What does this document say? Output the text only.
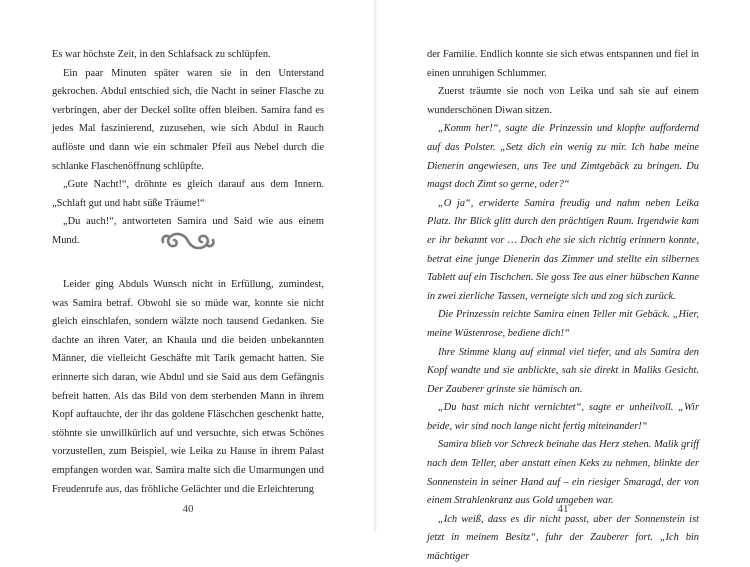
Es war höchste Zeit, in den Schlafsack zu schlüpfen.

Ein paar Minuten später waren sie in den Unterstand gekrochen. Abdul entschied sich, die Nacht in seiner Flasche zu verbringen, aber der Deckel sollte offen bleiben. Samira fand es jedes Mal faszinierend, zuzusehen, wie sich Abdul in Rauch auflöste und dann wie ein schmaler Pfeil aus Nebel durch die schlanke Flaschenöffnung schlüpfte.

„Gute Nacht!“, dröhnte es gleich darauf aus dem Innern. „Schlaft gut und habt süße Träume!“

„Du auch!“, antworteten Samira und Said wie aus einem Mund.

Leider ging Abduls Wunsch nicht in Erfüllung, zumindest, was Samira betraf. Obwohl sie so müde war, konnte sie nicht gleich einschlafen, sondern wälzte noch tausend Gedanken. Sie dachte an ihren Vater, an Khaula und die beiden unbekannten Männer, die vielleicht Geschäfte mit Tarik gemacht hatten. Sie erinnerte sich daran, wie Abdul und sie Said aus dem Gefängnis befreit hatten. Als das Bild von dem sterbenden Mann in ihrem Kopf auftauchte, der ihr das goldene Fläschchen geschenkt hatte, stöhnte sie unwillkürlich auf und versuchte, sich etwas Schönes vorzustellen, zum Beispiel, wie Leika zu Hause in ihrem Palast empfangen worden war. Samira malte sich die Umarmungen und Freudenrufe aus, das fröhliche Gelächter und die Erleichterung

40

der Familie. Endlich konnte sie sich etwas entspannen und fiel in einen unruhigen Schlummer.

Zuerst träumte sie noch von Leika und sah sie auf einem wunderschönen Diwan sitzen.

„Komm her!“, sagte die Prinzessin und klopfte auffordernd auf das Polster. „Setz dich ein wenig zu mir. Ich habe meine Dienerin angewiesen, uns Tee und Zimtgebäck zu bringen. Du magst doch Zimt so gerne, oder?“

„O ja“, erwiderte Samira freudig und nahm neben Leika Platz. Ihr Blick glitt durch den prächtigen Raum. Irgendwie kam er ihr bekannt vor … Doch ehe sie sich richtig erinnern konnte, betrat eine junge Dienerin das Zimmer und stellte ein silbernes Tablett auf ein Tischchen. Sie goss Tee aus einer hübschen Kanne in zwei zierliche Tassen, verneigte sich und zog sich zurück.

Die Prinzessin reichte Samira einen Teller mit Gebäck. „Hier, meine Wüstenrose, bediene dich!“

Ihre Stimme klang auf einmal viel tiefer, und als Samira den Kopf wandte und sie anblickte, sah sie direkt in Maliks Gesicht. Der Zauberer grinste sie hämisch an.

„Du hast mich nicht vernichtet“, sagte er unheilvoll. „Wir beide, wir sind noch lange nicht fertig miteinander!“

Samira blieb vor Schreck beinahe das Herz stehen. Malik griff nach dem Teller, aber anstatt einen Keks zu nehmen, blinkte der Sonnenstein in seiner Hand auf – ein riesiger Smaragd, der von einem Strahlenkranz aus Gold umgeben war.

„Ich weiß, dass es dir nicht passt, aber der Sonnenstein ist jetzt in meinem Besitz“, fuhr der Zauberer fort. „Ich bin mächtiger

41
